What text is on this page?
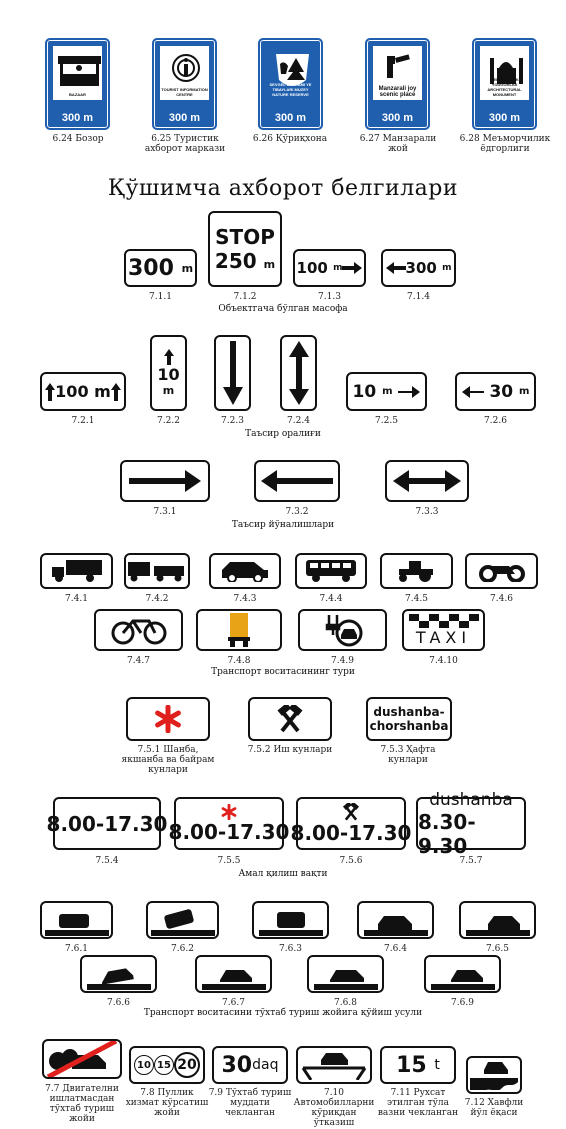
BAZAAR
300 m
6.24 Бозор
TOURIST INFORMATION CENTRE
300 m
6.25 Туристик ахборот маркази
SEVGEL BAYRAMI YE TIBAYLARI MUZEY NATURE RESERVE
300 m
6.26 Қўриқхона
Manzarali joy scenic place
300 m
6.27 Манзарали жой
MEMORCHILIK YODGORLIGI ARCHITECTURAL MONUMENT
300 m
6.28 Меъморчилик ёдгорлиги
Қўшимча ахборот белгилари
300
m
7.1.1
STOP
250 m
7.1.2
100
m
7.1.3
300
m
7.1.4
Объектгача бўлган масофа
100 m
7.2.1
10
m
7.2.2	7.2.3	7.2.4
10
m

7.2.5

30
m
7.2.6
Таъсир оралиғи
7.3.1	7.3.2	7.3.3
Таъсир йўналишлари
7.4.1	7.4.2	7.4.3	7.4.4	7.4.5	7.4.6
7.4.7	7.4.8	7.4.9
TAXI
7.4.10
Транспорт воситасининг тури
7.5.1 Шанба, якшанба ва байрам кунлари
7.5.2 Иш кунлари
dushanba-
chorshanba
7.5.3 Ҳафта кунлари
8.00 -17.30
7.5.4
8.00-17.30
7.5.5
8.00-17.30
7.5.6
dushanba
8.30- 9.30
7.5.7
Амал қилиш вақти
7.6.1	7.6.2	7.6.3	7.6.4	7.6.5
7.6.6	7.6.7	7.6.8	7.6.9
Транспорт воситасини тўхтаб туриш жойига қўйиш усули
7.7 Двигателни ишлатмасдан тўхтаб туриш жойи
10 15 20
7.8 Пуллик хизмат кўрсатиш жойи
30 daq
7.9 Тўхтаб туриш муддати чекланган
7.10 Автомобилларни кўриқдан ўтказиш
15
t
7.11 Рухсат этилган тўла вазни чекланган
7.12 Хавфли йўл ёқаси
